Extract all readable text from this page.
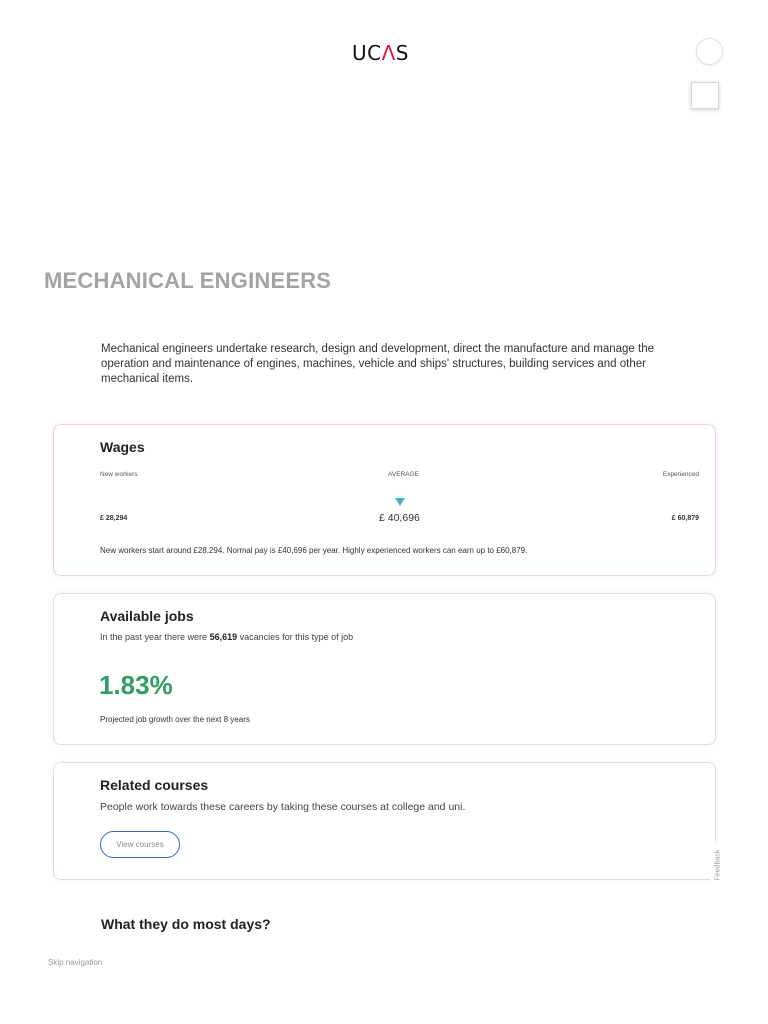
UCΛS
MECHANICAL ENGINEERS

Mechanical engineers undertake research, design and development, direct the manufacture and manage the operation and maintenance of engines, machines, vehicle and ships' structures, building services and other mechanical items.

Wages
New workers	AVERAGE	Experienced
£ 28,294	£ 40,696	£ 60,879
New workers start around £28,294. Normal pay is £40,696 per year. Highly experienced workers can earn up to £60,879.
Available jobs
In the past year there were 56,619 vacancies for this type of job
1.83%
Projected job growth over the next 8 years
Related courses
People work towards these careers by taking these courses at college and uni.
View courses
Feedback
What they do most days?
Skip navigation
